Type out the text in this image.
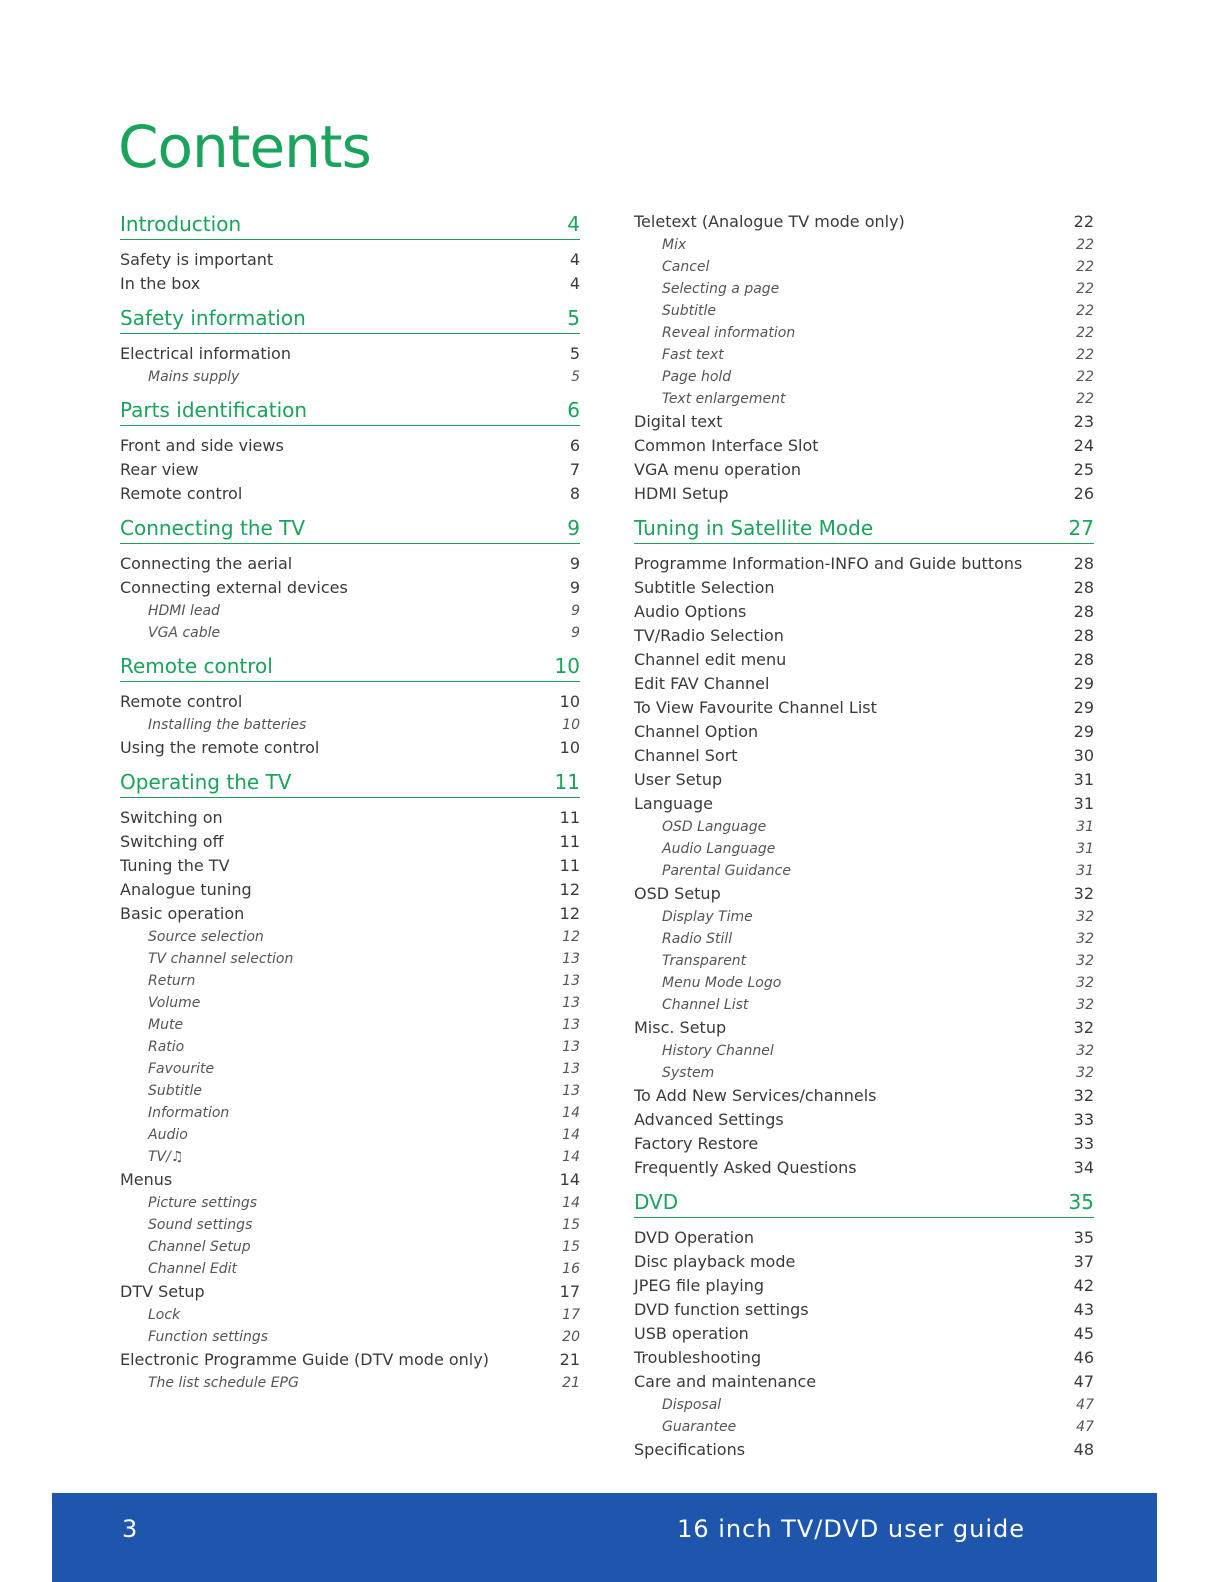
Contents
Introduction	4
Safety is important	4
In the box	4
Safety information	5
Electrical information	5
Mains supply	5
Parts identification	6
Front and side views	6
Rear view	7
Remote control	8
Connecting the TV	9
Connecting the aerial	9
Connecting external devices	9
HDMI lead	9
VGA cable	9
Remote control	10
Remote control	10
Installing the batteries	10
Using the remote control	10
Operating the TV	11
Switching on	11
Switching off	11
Tuning the TV	11
Analogue tuning	12
Basic operation	12
Source selection	12
TV channel selection	13
Return	13
Volume	13
Mute	13
Ratio	13
Favourite	13
Subtitle	13
Information	14
Audio	14
TV/♫	14
Menus	14
Picture settings	14
Sound settings	15
Channel Setup	15
Channel Edit	16
DTV Setup	17
Lock	17
Function settings	20
Electronic Programme Guide (DTV mode only)	21
The list schedule EPG	21
Teletext (Analogue TV mode only)	22
Mix	22
Cancel	22
Selecting a page	22
Subtitle	22
Reveal information	22
Fast text	22
Page hold	22
Text enlargement	22
Digital text	23
Common Interface Slot	24
VGA menu operation	25
HDMI Setup	26
Tuning in Satellite Mode	27
Programme Information-INFO and Guide buttons	28
Subtitle Selection	28
Audio Options	28
TV/Radio Selection	28
Channel edit menu	28
Edit FAV Channel	29
To View Favourite Channel List	29
Channel Option	29
Channel Sort	30
User Setup	31
Language	31
OSD Language	31
Audio Language	31
Parental Guidance	31
OSD Setup	32
Display Time	32
Radio Still	32
Transparent	32
Menu Mode Logo	32
Channel List	32
Misc. Setup	32
History Channel	32
System	32
To Add New Services/channels	32
Advanced Settings	33
Factory Restore	33
Frequently Asked Questions	34
DVD	35
DVD Operation	35
Disc playback mode	37
JPEG file playing	42
DVD function settings	43
USB operation	45
Troubleshooting	46
Care and maintenance	47
Disposal	47
Guarantee	47
Specifications	48
3	16 inch TV/DVD user guide
